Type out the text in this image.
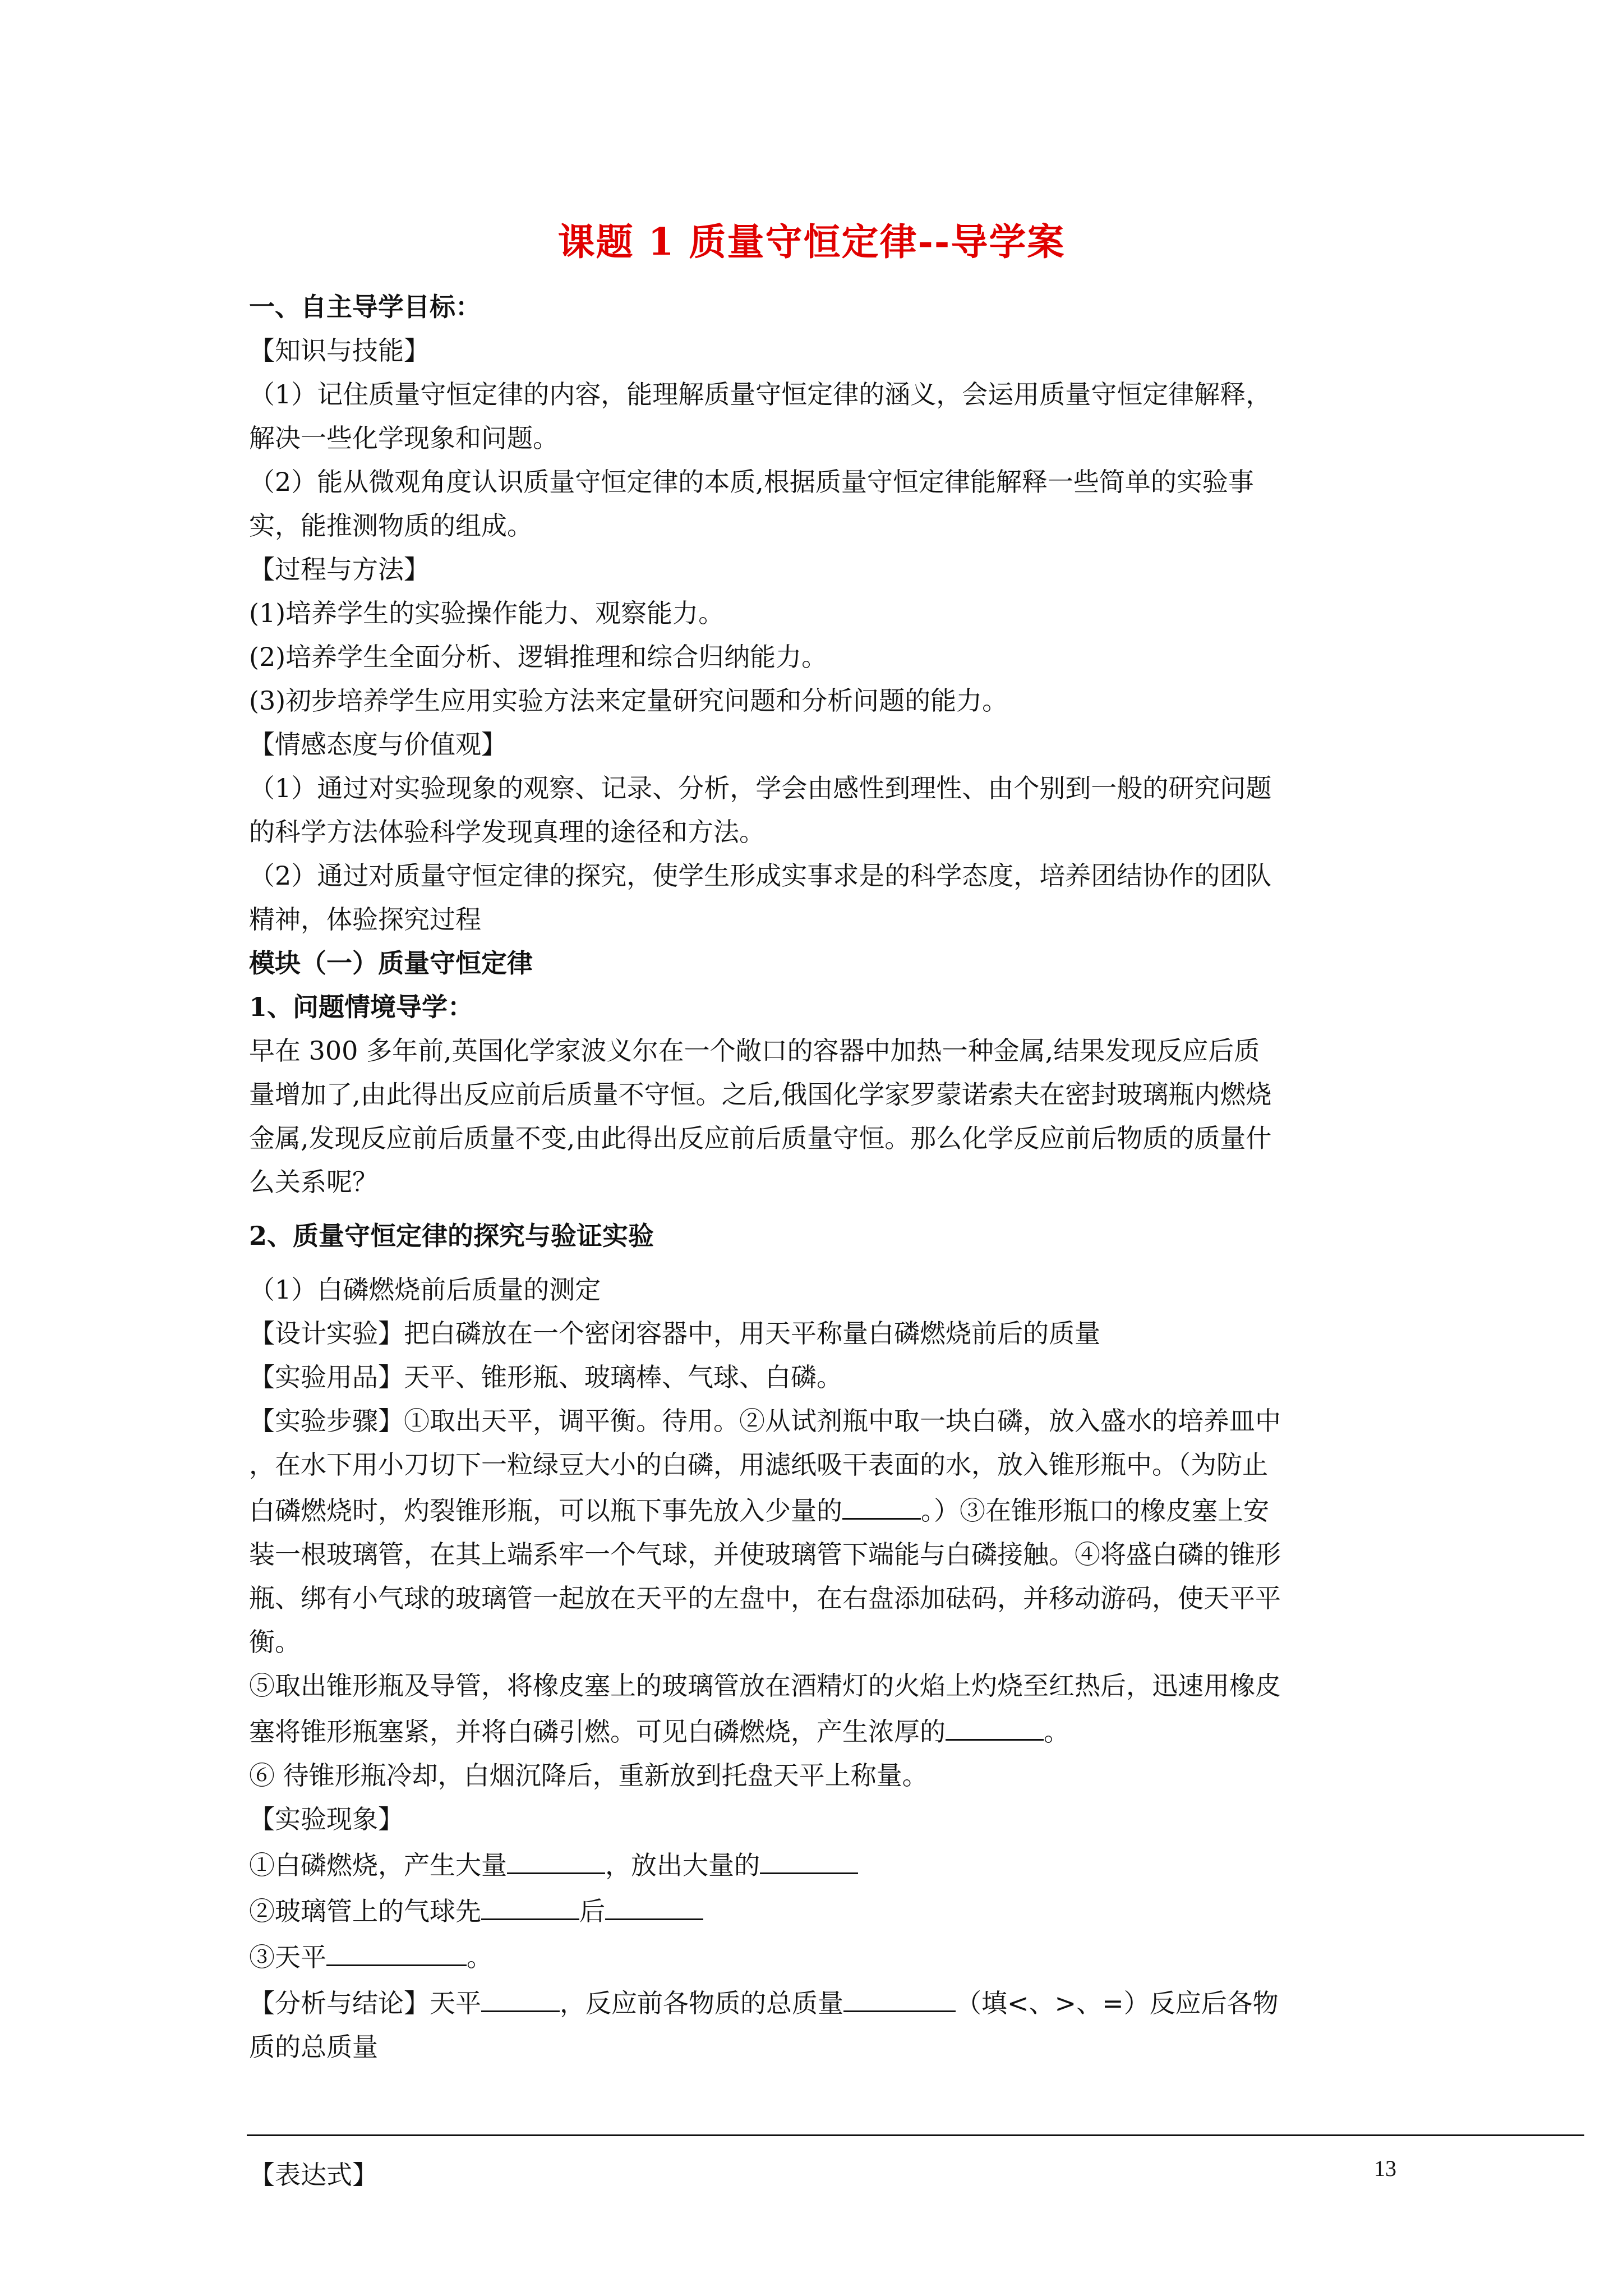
课题 1 质量守恒定律--导学案

一、自主导学目标：

【知识与技能】

（1）记住质量守恒定律的内容，能理解质量守恒定律的涵义，会运用质量守恒定律解释，

解决一些化学现象和问题。

（2）能从微观角度认识质量守恒定律的本质,根据质量守恒定律能解释一些简单的实验事

实，能推测物质的组成。

【过程与方法】

(1)培养学生的实验操作能力、观察能力。

(2)培养学生全面分析、逻辑推理和综合归纳能力。

(3)初步培养学生应用实验方法来定量研究问题和分析问题的能力。

【情感态度与价值观】

（1）通过对实验现象的观察、记录、分析，学会由感性到理性、由个别到一般的研究问题

的科学方法体验科学发现真理的途径和方法。

（2）通过对质量守恒定律的探究，使学生形成实事求是的科学态度，培养团结协作的团队

精神，体验探究过程

模块（一）质量守恒定律

1、问题情境导学：

早在 300 多年前,英国化学家波义尔在一个敞口的容器中加热一种金属,结果发现反应后质

量增加了,由此得出反应前后质量不守恒。之后,俄国化学家罗蒙诺索夫在密封玻璃瓶内燃烧

金属,发现反应前后质量不变,由此得出反应前后质量守恒。那么化学反应前后物质的质量什

么关系呢？

2、质量守恒定律的探究与验证实验

（1）白磷燃烧前后质量的测定

【设计实验】把白磷放在一个密闭容器中，用天平称量白磷燃烧前后的质量

【实验用品】天平、锥形瓶、玻璃棒、气球、白磷。

【实验步骤】①取出天平，调平衡。待用。②从试剂瓶中取一块白磷，放入盛水的培养皿中

，在水下用小刀切下一粒绿豆大小的白磷，用滤纸吸干表面的水，放入锥形瓶中。（为防止

白磷燃烧时，灼裂锥形瓶，可以瓶下事先放入少量的	。）③在锥形瓶口的橡皮塞上安

装一根玻璃管，在其上端系牢一个气球，并使玻璃管下端能与白磷接触。④将盛白磷的锥形

瓶、绑有小气球的玻璃管一起放在天平的左盘中，在右盘添加砝码，并移动游码，使天平平

衡。

⑤取出锥形瓶及导管，将橡皮塞上的玻璃管放在酒精灯的火焰上灼烧至红热后，迅速用橡皮

塞将锥形瓶塞紧，并将白磷引燃。可见白磷燃烧，产生浓厚的	。

⑥ 待锥形瓶冷却，白烟沉降后，重新放到托盘天平上称量。

【实验现象】

①白磷燃烧，产生大量	，放出大量的

②玻璃管上的气球先	后

③天平	。

【分析与结论】天平	，反应前各物质的总质量	（填<、>、=）反应后各物

质的总质量

【表达式】	13
